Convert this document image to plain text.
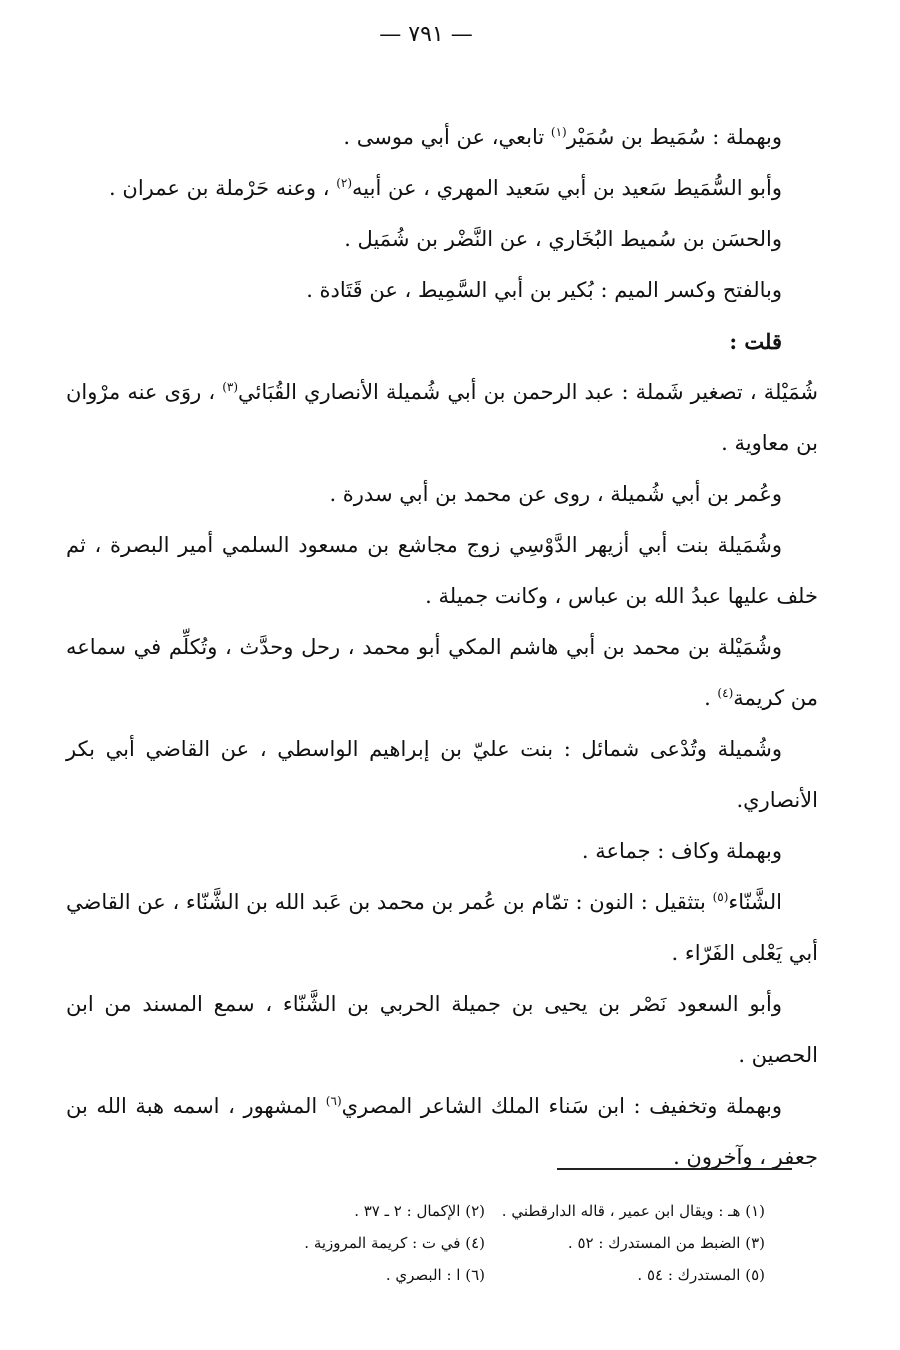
— ٧٩١ —

وبهملة : سُمَيط بن سُمَيْر$^{(١)}$ تابعي، عن أبي موسى .

وأبو السُّمَيط سَعيد بن أبي سَعيد المهري ، عن أبيه$^{(٢)}$ ، وعنه حَرْملة بن عمران .

والحسَن بن سُميط البُخَاري ، عن النَّضْر بن شُمَيل .

وبالفتح وكسر الميم : بُكير بن أبي السَّمِيط ، عن قَتَادة .

قلت :

شُمَيْلة ، تصغير شَملة : عبد الرحمن بن أبي شُميلة الأنصاري القُبَائي$^{(٣)}$ ، روَى عنه مرْوان بن معاوية .

وعُمر بن أبي شُميلة ، روى عن محمد بن أبي سدرة .

وشُمَيلة بنت أبي أزيهر الدَّوْسِي زوج مجاشع بن مسعود السلمي أمير البصرة ، ثم خلف عليها عبدُ الله بن عباس ، وكانت جميلة .

وشُمَيْلة بن محمد بن أبي هاشم المكي أبو محمد ، رحل وحدَّث ، وتُكلِّم في سماعه من كريمة$^{(٤)}$ .

وشُميلة وتُدْعى شمائل : بنت عليّ بن إبراهيم الواسطي ، عن القاضي أبي بكر الأنصاري.

وبهملة وكاف : جماعة .

الشَّنّاء$^{(٥)}$ بتثقيل : النون : تمّام بن عُمر بن محمد بن عَبد الله بن الشَّنّاء ، عن القاضي أبي يَعْلى الفَرّاء .

وأبو السعود نَصْر بن يحيى بن جميلة الحربي بن الشَّنّاء ، سمع المسند من ابن الحصين .

وبهملة وتخفيف : ابن سَناء الملك الشاعر المصري$^{(٦)}$ المشهور ، اسمه هبة الله بن جعفر ، وآخرون .

(١) هـ : ويقال ابن عمير ، قاله الدارقطني .
(٢) الإكمال : ٢ ـ ٣٧ .
(٣) الضبط من المستدرك : ٥٢ .
(٤) في ت : كريمة المروزية .
(٥) المستدرك : ٥٤ .
(٦) ا : البصري .
